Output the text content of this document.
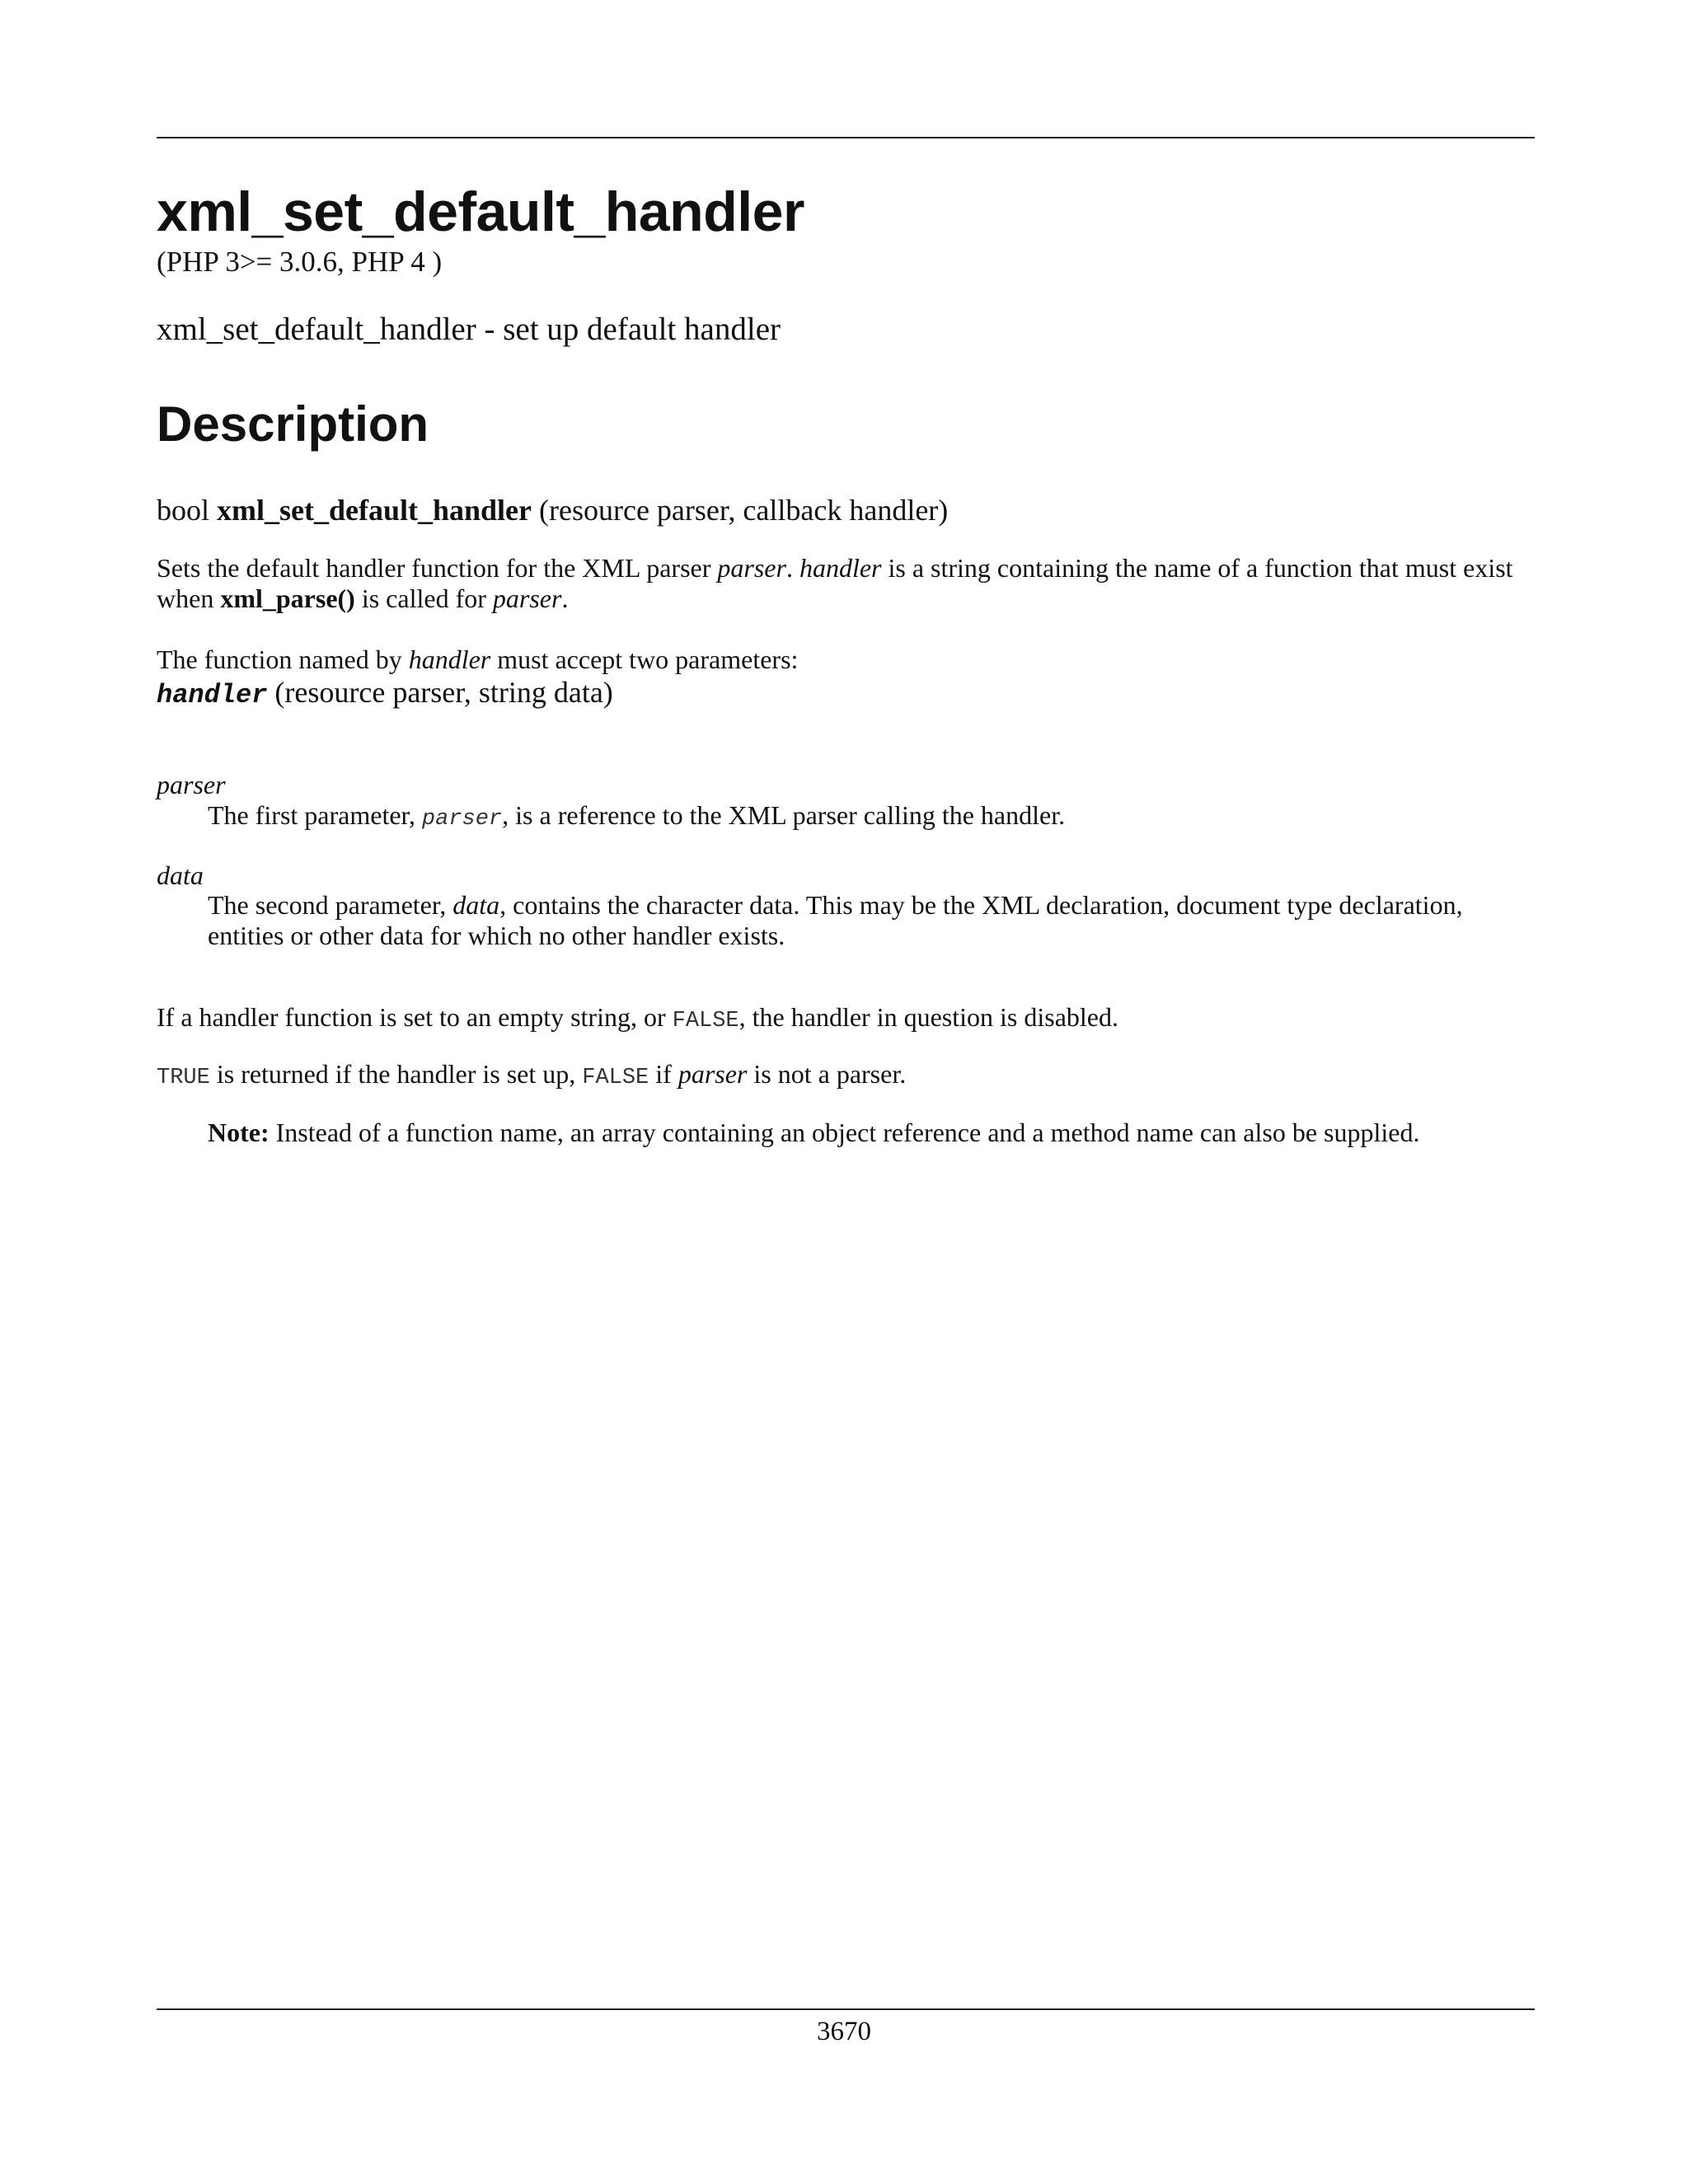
xml_set_default_handler

(PHP 3>= 3.0.6, PHP 4 )

xml_set_default_handler - set up default handler

Description

bool xml_set_default_handler (resource parser, callback handler)

Sets the default handler function for the XML parser parser. handler is a string containing the name of a function that must exist when xml_parse() is called for parser.

The function named by handler must accept two parameters:

handler (resource parser, string data)

parser
The first parameter, parser, is a reference to the XML parser calling the handler.
data
The second parameter, data, contains the character data. This may be the XML declaration, document type declaration, entities or other data for which no other handler exists.

If a handler function is set to an empty string, or FALSE, the handler in question is disabled.

TRUE is returned if the handler is set up, FALSE if parser is not a parser.

Note: Instead of a function name, an array containing an object reference and a method name can also be supplied.

3670
